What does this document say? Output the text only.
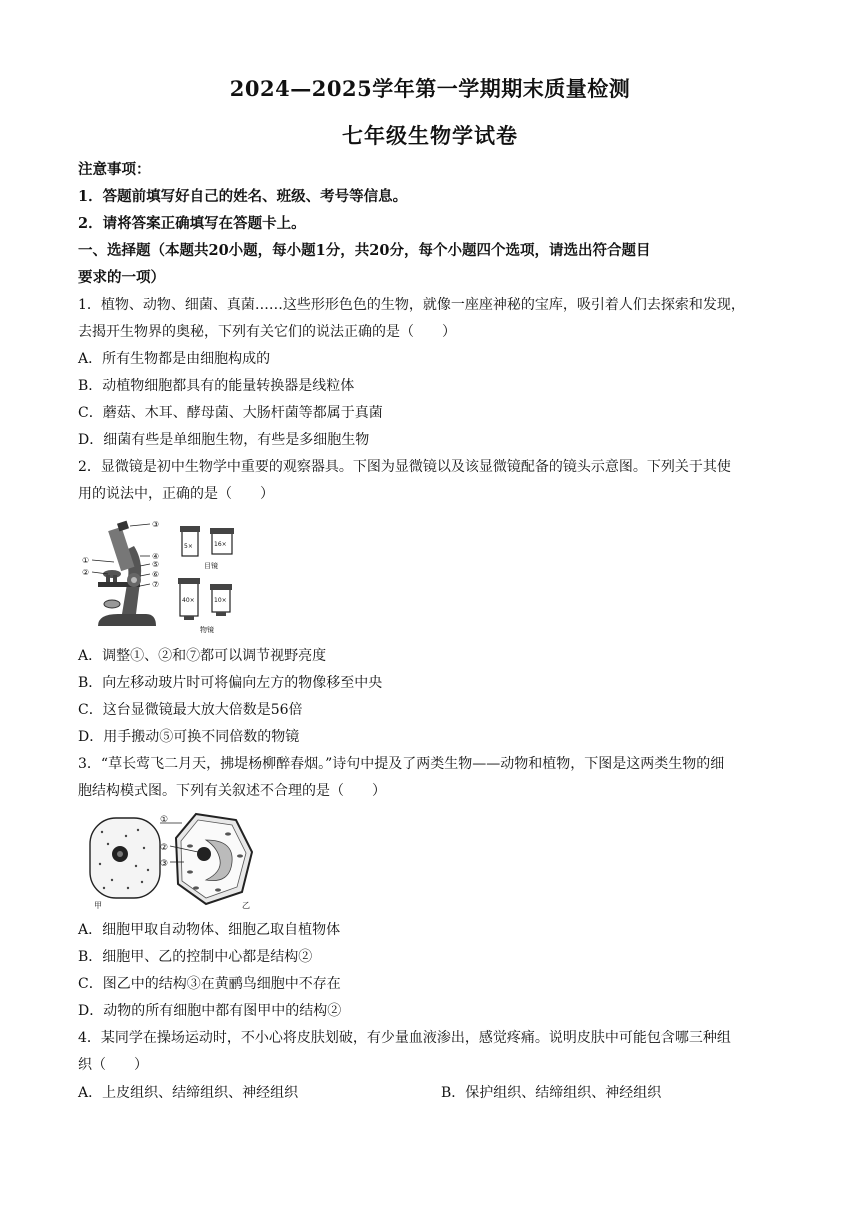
2024—2025学年第一学期期末质量检测
七年级生物学试卷
注意事项：
1．答题前填写好自己的姓名、班级、考号等信息。
2．请将答案正确填写在答题卡上。
一、选择题（本题共20小题，每小题1分，共20分，每个小题四个选项，请选出符合题目
要求的一项）
1．植物、动物、细菌、真菌……这些形形色色的生物，就像一座座神秘的宝库，吸引着人们去探索和发现，
去揭开生物界的奥秘，下列有关它们的说法正确的是（　　）
A．所有生物都是由细胞构成的
B．动植物细胞都具有的能量转换器是线粒体
C．蘑菇、木耳、酵母菌、大肠杆菌等都属于真菌
D．细菌有些是单细胞生物，有些是多细胞生物
2．显微镜是初中生物学中重要的观察器具。下图为显微镜以及该显微镜配备的镜头示意图。下列关于其使
用的说法中，正确的是（　　）
①
②
③
④
⑤
⑥
⑦
5×	16×
目镜
40×	10×
物镜
A．调整①、②和⑦都可以调节视野亮度
B．向左移动玻片时可将偏向左方的物像移至中央
C．这台显微镜最大放大倍数是56倍
D．用手搬动⑤可换不同倍数的物镜
3．“草长莺飞二月天，拂堤杨柳醉春烟。”诗句中提及了两类生物——动物和植物，下图是这两类生物的细
胞结构模式图。下列有关叙述不合理的是（　　）
①
②
③
甲	乙
A．细胞甲取自动物体、细胞乙取自植物体
B．细胞甲、乙的控制中心都是结构②
C．图乙中的结构③在黄鹂鸟细胞中不存在
D．动物的所有细胞中都有图甲中的结构②
4．某同学在操场运动时，不小心将皮肤划破，有少量血液渗出，感觉疼痛。说明皮肤中可能包含哪三种组
织（　　）
A．上皮组织、结缔组织、神经组织	B．保护组织、结缔组织、神经组织
